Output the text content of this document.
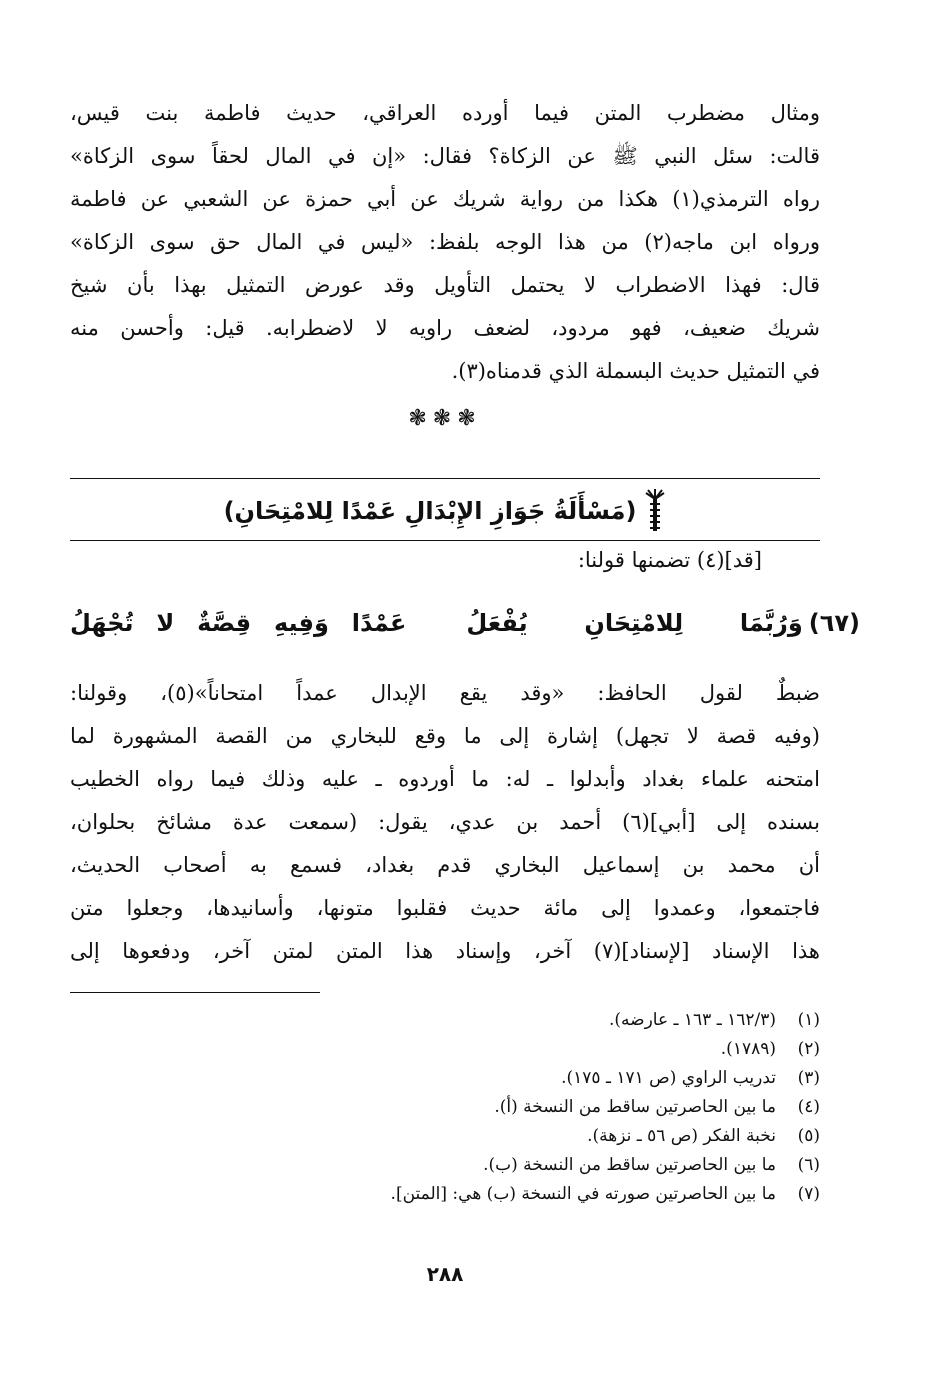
ومثال مضطرب المتن فيما أورده العراقي، حديث فاطمة بنت قيس،
قالت: سئل النبي ﷺ عن الزكاة؟ فقال: «إن في المال لحقاً سوى الزكاة»
رواه الترمذي(١) هكذا من رواية شريك عن أبي حمزة عن الشعبي عن فاطمة
ورواه ابن ماجه(٢) من هذا الوجه بلفظ: «ليس في المال حق سوى الزكاة»
قال: فهذا الاضطراب لا يحتمل التأويل وقد عورض التمثيل بهذا بأن شيخ
شريك ضعيف، فهو مردود، لضعف راويه لا لاضطرابه. قيل: وأحسن منه
في التمثيل حديث البسملة الذي قدمناه(٣).
❃❃❃
(مَسْأَلَةُ جَوَازِ الإِبْدَالِ عَمْدًا لِلامْتِحَانِ)
[قد](٤) تضمنها قولنا:
(٦٧)
وَرُبَّمَا لِلامْتِحَانِ يُفْعَلُ
عَمْدًا وَفِيهِ قِصَّةٌ لا تُجْهَلُ
ضبطٌ لقول الحافظ: «وقد يقع الإبدال عمداً امتحاناً»(٥)، وقولنا:
(وفيه قصة لا تجهل) إشارة إلى ما وقع للبخاري من القصة المشهورة لما
امتحنه علماء بغداد وأبدلوا ـ له: ما أوردوه ـ عليه وذلك فيما رواه الخطيب
بسنده إلى [أبي](٦) أحمد بن عدي، يقول: (سمعت عدة مشائخ بحلوان،
أن محمد بن إسماعيل البخاري قدم بغداد، فسمع به أصحاب الحديث،
فاجتمعوا، وعمدوا إلى مائة حديث فقلبوا متونها، وأسانيدها، وجعلوا متن
هذا الإسناد [لإسناد](٧) آخر، وإسناد هذا المتن لمتن آخر، ودفعوها إلى
(١)(١٦٢/٣ ـ ١٦٣ ـ عارضه).
(٢)(١٧٨٩).
(٣)تدريب الراوي (ص ١٧١ ـ ١٧٥).
(٤)ما بين الحاصرتين ساقط من النسخة (أ).
(٥)نخبة الفكر (ص ٥٦ ـ نزهة).
(٦)ما بين الحاصرتين ساقط من النسخة (ب).
(٧)ما بين الحاصرتين صورته في النسخة (ب) هي: [المتن].
٢٨٨
